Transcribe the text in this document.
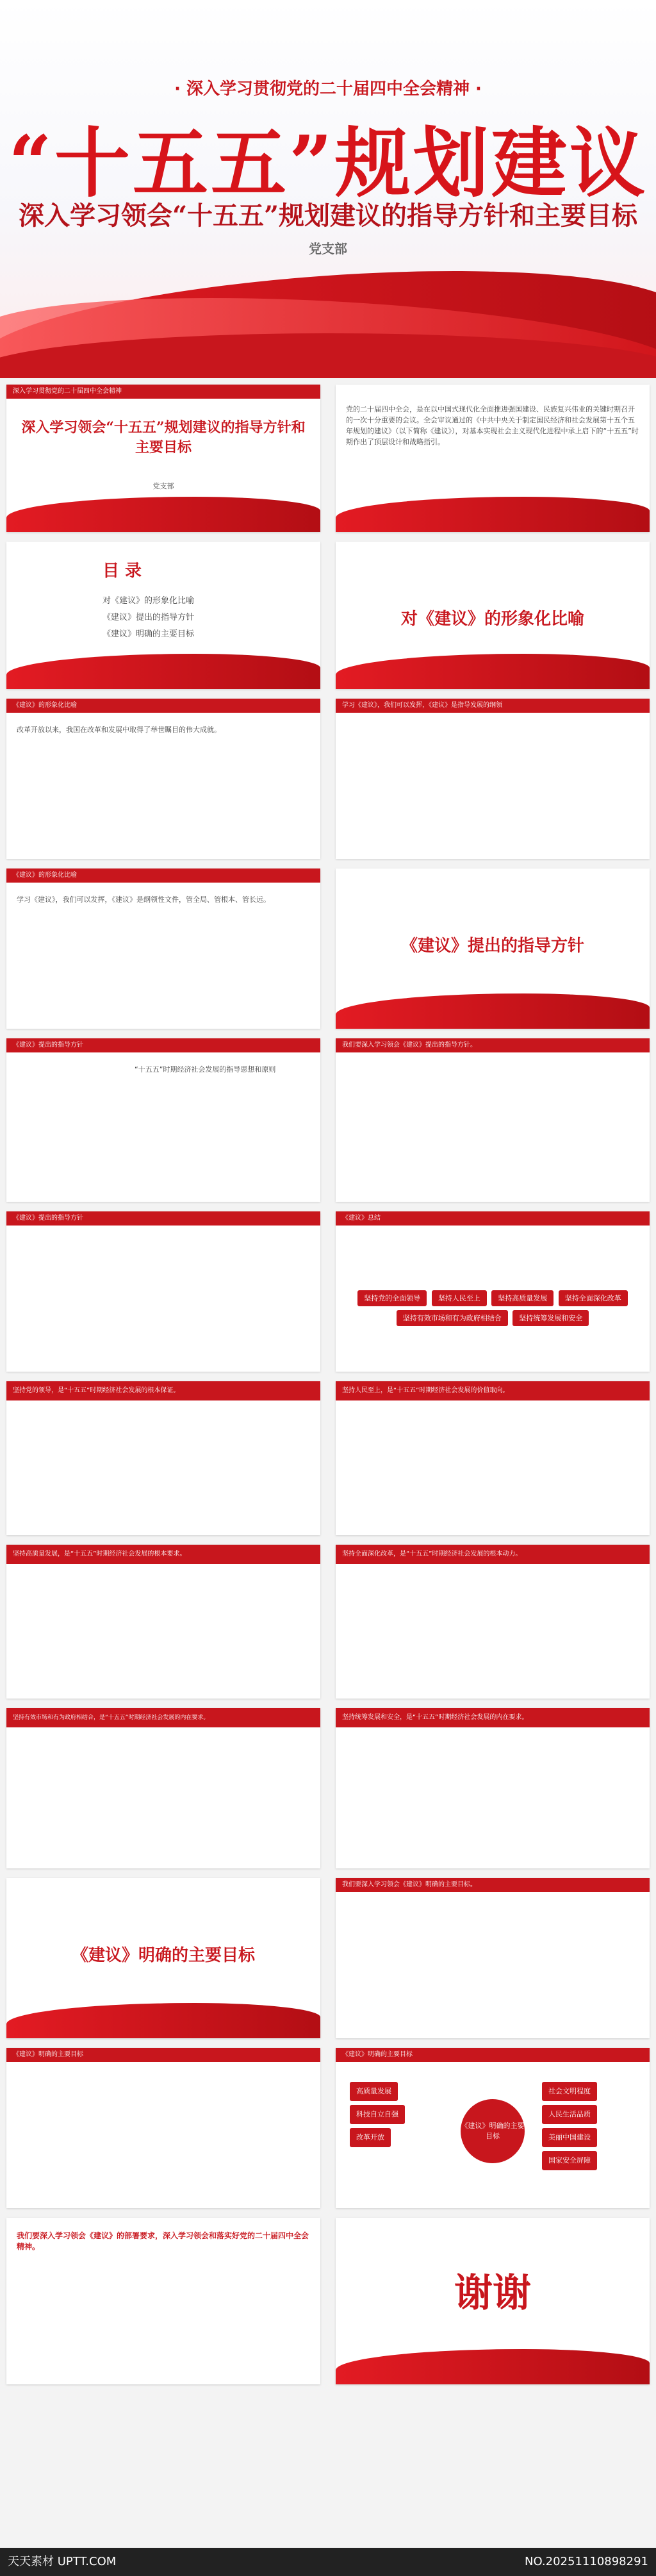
· 深入学习贯彻党的二十届四中全会精神 ·
“十五五”规划建议
深入学习领会“十五五”规划建议的指导方针和主要目标
党支部
深入学习贯彻党的二十届四中全会精神
深入学习领会“十五五”规划建议的指导方针和主要目标
党支部
党的二十届四中全会，是在以中国式现代化全面推进强国建设、民族复兴伟业的关键时期召开的一次十分重要的会议。全会审议通过的《中共中央关于制定国民经济和社会发展第十五个五年规划的建议》（以下简称《建议》），对基本实现社会主义现代化进程中承上启下的“十五五”时期作出了顶层设计和战略指引。
目 录
对《建议》的形象化比喻
《建议》提出的指导方针
《建议》明确的主要目标
对《建议》的形象化比喻
《建议》的形象化比喻
改革开放以来，我国在改革和发展中取得了举世瞩目的伟大成就。
学习《建议》，我们可以发挥，《建议》是指导发展的纲领
《建议》的形象化比喻
学习《建议》，我们可以发挥，《建议》是纲领性文件，管全局、管根本、管长远。
《建议》提出的指导方针
《建议》提出的指导方针
“十五五”时期经济社会发展的指导思想和原则
我们要深入学习领会《建议》提出的指导方针。
《建议》提出的指导方针	《建议》总结
坚持党的全面领导	坚持人民至上	坚持高质量发展	坚持全面深化改革 坚持有效市场和有为政府相结合	坚持统筹发展和安全
坚持党的领导，是“十五五”时期经济社会发展的根本保证。	坚持人民至上，是“十五五”时期经济社会发展的价值取向。
坚持高质量发展，是“十五五”时期经济社会发展的根本要求。	坚持全面深化改革，是“十五五”时期经济社会发展的根本动力。
坚持有效市场和有为政府相结合，是“十五五”时期经济社会发展的内在要求。	坚持统筹发展和安全，是“十五五”时期经济社会发展的内在要求。
《建议》明确的主要目标
我们要深入学习领会《建议》明确的主要目标。
《建议》明确的主要目标	《建议》明确的主要目标
《建议》明确的主要目标
高质量发展 科技自立自强 改革开放
社会文明程度 人民生活品质 美丽中国建设 国家安全屏障
我们要深入学习领会《建议》的部署要求，深入学习领会和落实好党的二十届四中全会精神。
谢谢
天天素材 UPTT.COM	NO.20251110898291
